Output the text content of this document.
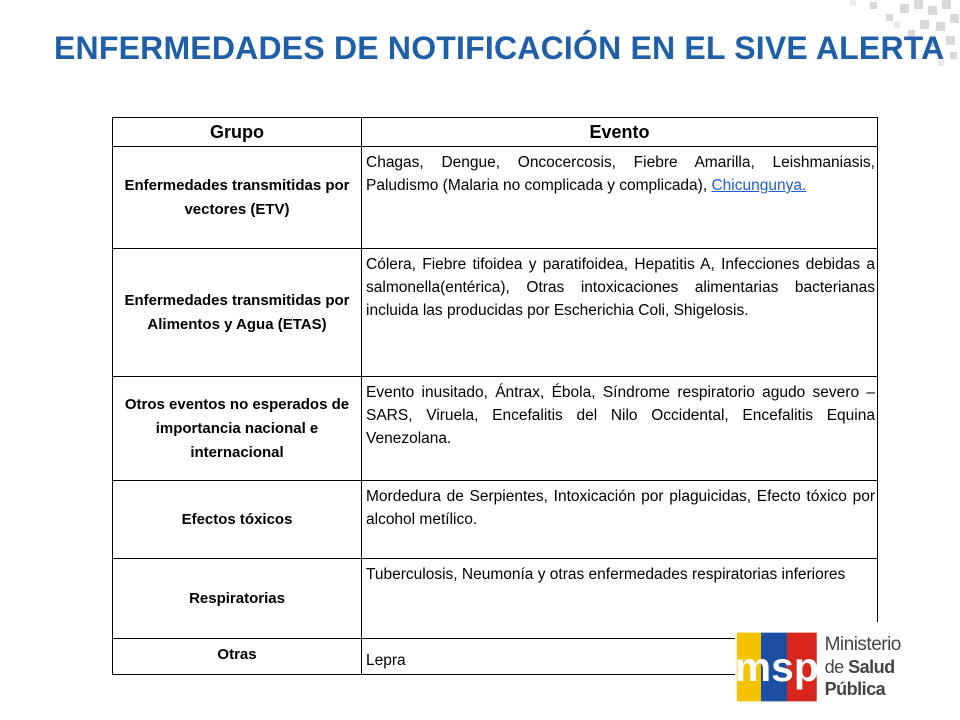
ENFERMEDADES DE NOTIFICACIÓN EN EL SIVE ALERTA
Grupo	Evento
Enfermedades transmitidas por vectores (ETV)	Chagas, Dengue, Oncocercosis, Fiebre Amarilla, Leishmaniasis, Paludismo (Malaria no complicada y complicada), Chicungunya.
Enfermedades transmitidas por Alimentos y Agua (ETAS)	Cólera, Fiebre tifoidea y paratifoidea, Hepatitis A, Infecciones debidas a salmonella(entérica), Otras intoxicaciones alimentarias bacterianas incluida las producidas por Escherichia Coli, Shigelosis.
Otros eventos no esperados de importancia nacional e internacional	Evento inusitado, Ántrax, Ébola, Síndrome respiratorio agudo severo – SARS, Viruela, Encefalitis del Nilo Occidental, Encefalitis Equina Venezolana.
Efectos tóxicos	Mordedura de Serpientes, Intoxicación por plaguicidas, Efecto tóxico por alcohol metílico.
Respiratorias	Tuberculosis, Neumonía y otras enfermedades respiratorias inferiores
Otras	Lepra	msp Ministerio
de Salud Pública
